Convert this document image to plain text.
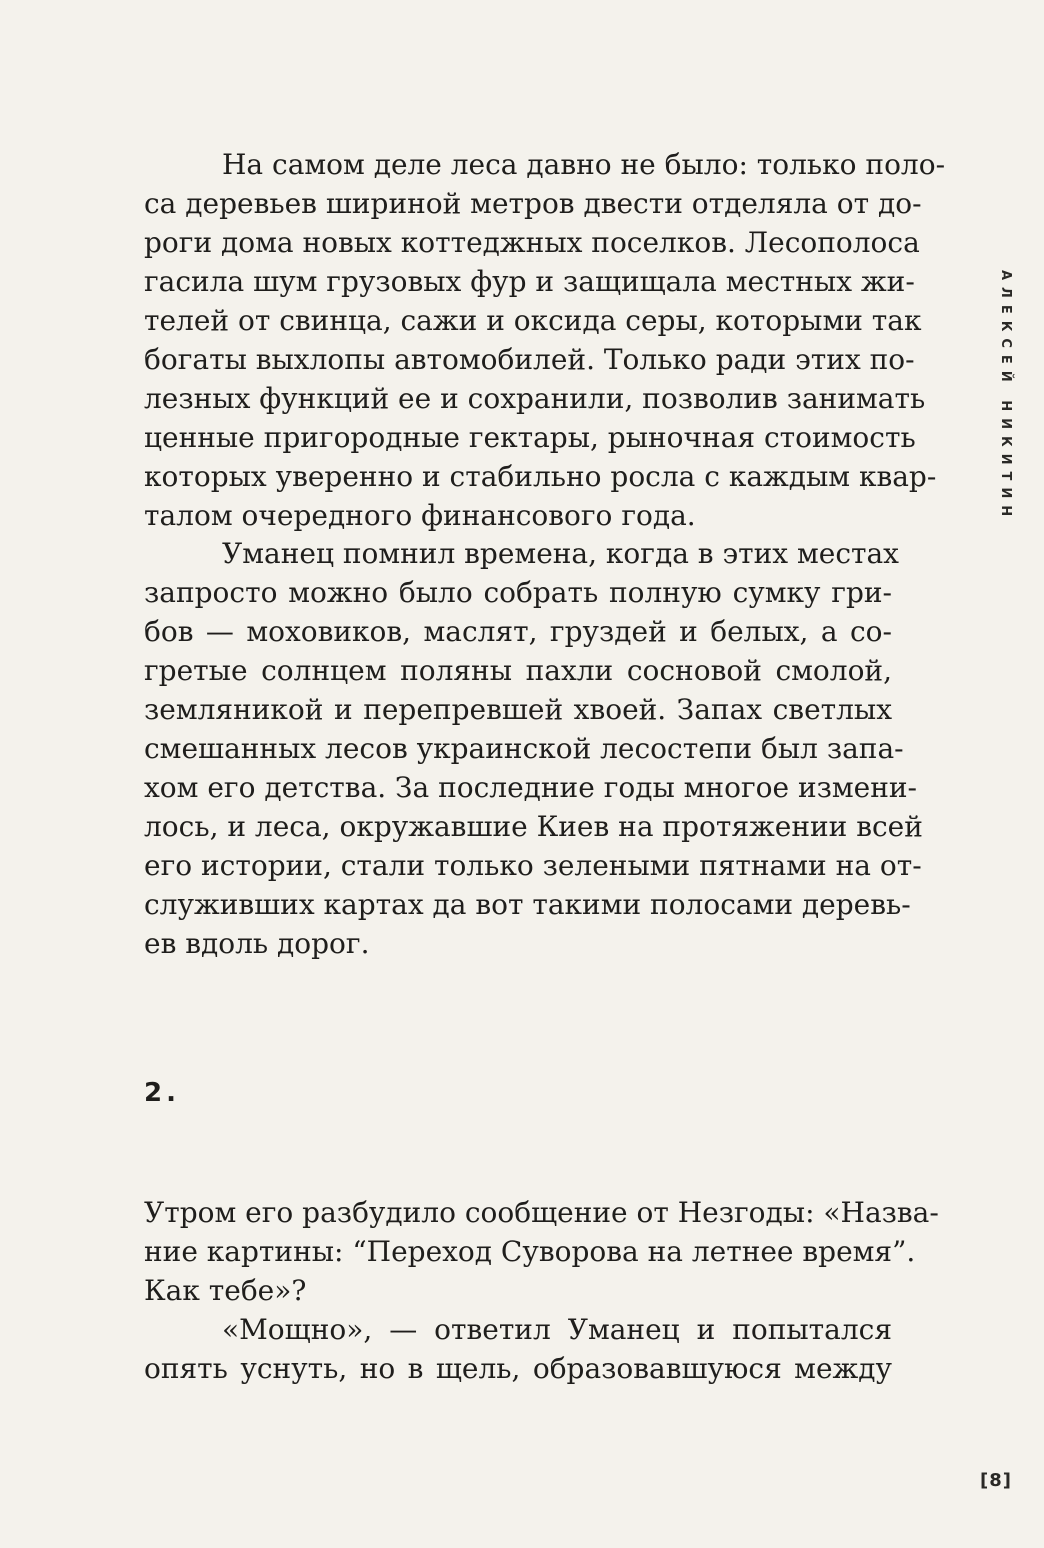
АЛЕКСЕЙ НИКИТИН
На самом деле леса давно не было: только поло-
са деревьев шириной метров двести отделяла от до-
роги дома новых коттеджных поселков. Лесополоса
гасила шум грузовых фур и защищала местных жи-
телей от свинца, сажи и оксида серы, которыми так
богаты выхлопы автомобилей. Только ради этих по-
лезных функций ее и сохранили, позволив занимать
ценные пригородные гектары, рыночная стоимость
которых уверенно и стабильно росла с каждым квар-
талом очередного финансового года.
Уманец помнил времена, когда в этих местах
запросто можно было собрать полную сумку гри-
бов — моховиков, маслят, груздей и белых, а со-
гретые солнцем поляны пахли сосновой смолой,
земляникой и перепревшей хвоей. Запах светлых
смешанных лесов украинской лесостепи был запа-
хом его детства. За последние годы многое измени-
лось, и леса, окружавшие Киев на протяжении всей
его истории, стали только зелеными пятнами на от-
служивших картах да вот такими полосами деревь-
ев вдоль дорог.
2.
Утром его разбудило сообщение от Незгоды: «Назва-
ние картины: “Переход Суворова на летнее время”.
Как тебе»?
«Мощно», — ответил Уманец и попытался
опять уснуть, но в щель, образовавшуюся между
[8]
